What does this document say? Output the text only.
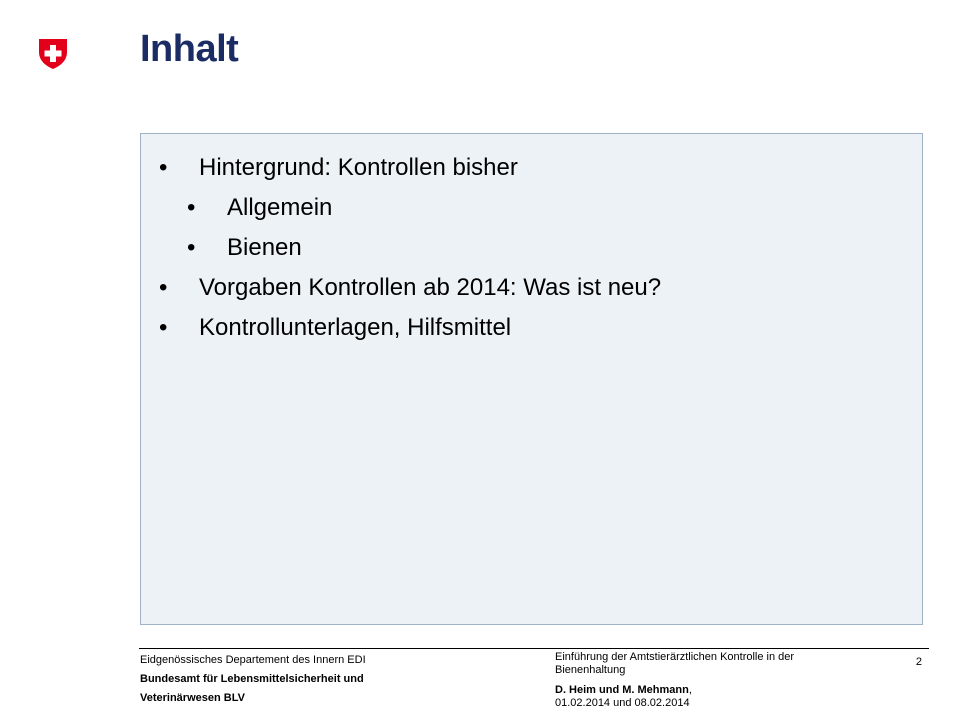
Inhalt
• Hintergrund: Kontrollen bisher
• Allgemein
• Bienen
• Vorgaben Kontrollen ab 2014: Was ist neu?
• Kontrollunterlagen, Hilfsmittel
Eidgenössisches Departement des Innern EDI
Bundesamt für Lebensmittelsicherheit und
Veterinärwesen BLV
Einführung der Amtstierärztlichen Kontrolle in der
Bienenhaltung
D. Heim und M. Mehmann,
01.02.2014 und 08.02.2014
2
